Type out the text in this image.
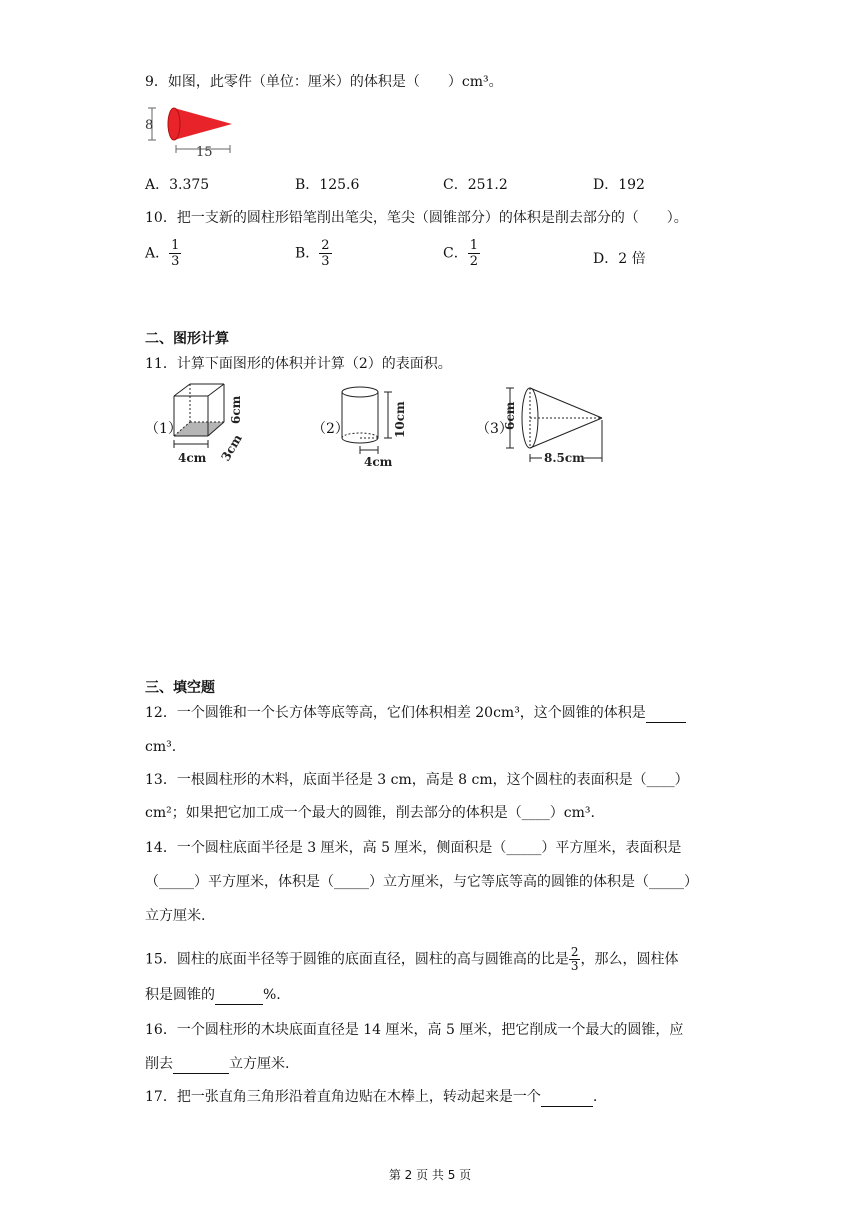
9．如图，此零件（单位：厘米）的体积是（　　）cm³。
8
15
A．3.375	B．125.6	C．251.2	D．192
10．把一支新的圆柱形铅笔削出笔尖，笔尖（圆锥部分）的体积是削去部分的（　　）。
A． $\frac{1}{3}$	B． $\frac{2}{3}$	C． $\frac{1}{2}$	D．2 倍
二、图形计算
11．计算下面图形的体积并计算（2）的表面积。
（1）
4cm 3cm
6cm
（2）	10cm
4cm
（3）
6cm
8.5cm
三、填空题
12．一个圆锥和一个长方体等底等高，它们体积相差 20cm³，这个圆锥的体积是
cm³.
13．一根圆柱形的木料，底面半径是 3 cm，高是 8 cm，这个圆柱的表面积是（____）
cm²；如果把它加工成一个最大的圆锥，削去部分的体积是（____）cm³.
14．一个圆柱底面半径是 3 厘米，高 5 厘米，侧面积是（_____）平方厘米，表面积是
（_____）平方厘米，体积是（_____）立方厘米，与它等底等高的圆锥的体积是（_____）
立方厘米.
15．圆柱的底面半径等于圆锥的底面直径，圆柱的高与圆锥高的比是 $\frac{2}{3}$ ，那么，圆柱体
积是圆锥的	%.
16．一个圆柱形的木块底面直径是 14 厘米，高 5 厘米，把它削成一个最大的圆锥，应
削去	立方厘米.
17．把一张直角三角形沿着直角边贴在木棒上，转动起来是一个	.
第 2 页 共 5 页
